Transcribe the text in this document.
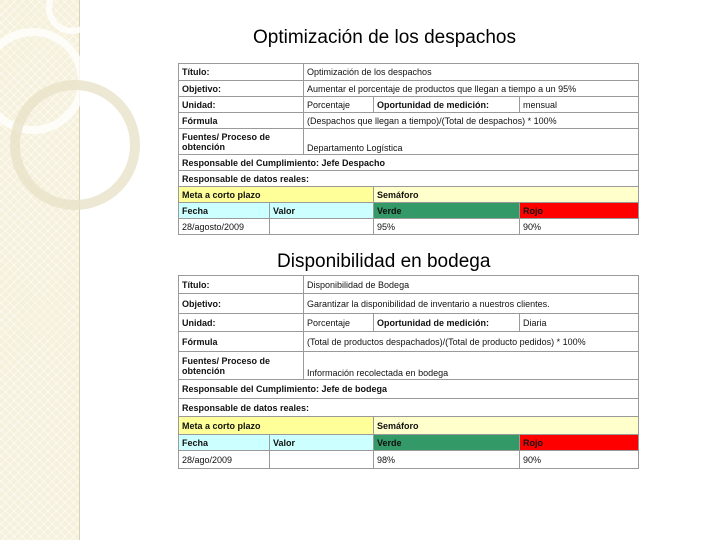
Optimización de los despachos
Título:		Optimización de los despachos		
Objetivo:		Aumentar el porcentaje de productos que llegan a tiempo a un 95%		
Unidad:		Porcentaje	Oportunidad de medición:	mensual
Fórmula		(Despachos que llegan a tiempo)/(Total de despachos) * 100%		
Fuentes/ Proceso de obtención		Departamento Logística		
Responsable del Cumplimiento: Jefe Despacho				
Responsable de datos reales:				
Meta a corto plazo			Semáforo	
Fecha	Valor		Verde	Rojo
28/agosto/2009			95%	90%
Disponibilidad en bodega
Título:		Disponibilidad de Bodega		
Objetivo:		Garantizar la disponibilidad de inventario a nuestros clientes.		
Unidad:		Porcentaje	Oportunidad de medición:	Diaria
Fórmula		(Total de productos despachados)/(Total de producto pedidos) * 100%		
Fuentes/ Proceso de obtención		Información recolectada en bodega		
Responsable del Cumplimiento: Jefe de bodega				
Responsable de datos reales:				
Meta a corto plazo			Semáforo	
Fecha	Valor		Verde	Rojo
28/ago/2009			98%	90%
